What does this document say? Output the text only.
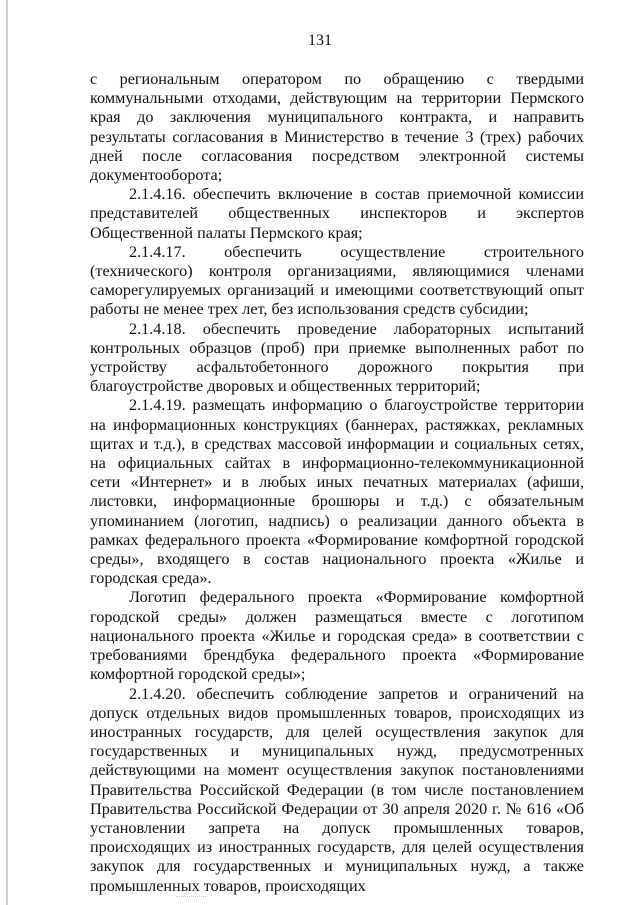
131

с региональным оператором по обращению с твердыми коммунальными отходами, действующим на территории Пермского края до заключения муниципального контракта, и направить результаты согласования в Министерство в течение 3 (трех) рабочих дней после согласования посредством электронной системы документооборота;

2.1.4.16. обеспечить включение в состав приемочной комиссии представителей общественных инспекторов и экспертов Общественной палаты Пермского края;

2.1.4.17. обеспечить осуществление строительного (технического) контроля организациями, являющимися членами саморегулируемых организаций и имеющими соответствующий опыт работы не менее трех лет, без использования средств субсидии;

2.1.4.18. обеспечить проведение лабораторных испытаний контрольных образцов (проб) при приемке выполненных работ по устройству асфальтобетонного дорожного покрытия при благоустройстве дворовых и общественных территорий;

2.1.4.19. размещать информацию о благоустройстве территории на информационных конструкциях (баннерах, растяжках, рекламных щитах и т.д.), в средствах массовой информации и социальных сетях, на официальных сайтах в информационно-телекоммуникационной сети «Интернет» и в любых иных печатных материалах (афиши, листовки, информационные брошюры и т.д.) с обязательным упоминанием (логотип, надпись) о реализации данного объекта в рамках федерального проекта «Формирование комфортной городской среды», входящего в состав национального проекта «Жилье и городская среда».

Логотип федерального проекта «Формирование комфортной городской среды» должен размещаться вместе с логотипом национального проекта «Жилье и городская среда» в соответствии с требованиями брендбука федерального проекта «Формирование комфортной городской среды»;

2.1.4.20. обеспечить соблюдение запретов и ограничений на допуск отдельных видов промышленных товаров, происходящих из иностранных государств, для целей осуществления закупок для государственных и муниципальных нужд, предусмотренных действующими на момент осуществления закупок постановлениями Правительства Российской Федерации (в том числе постановлением Правительства Российской Федерации от 30 апреля 2020 г. № 616 «Об установлении запрета на допуск промышленных товаров, происходящих из иностранных государств, для целей осуществления закупок для государственных и муниципальных нужд, а также промышленных товаров, происходящих
